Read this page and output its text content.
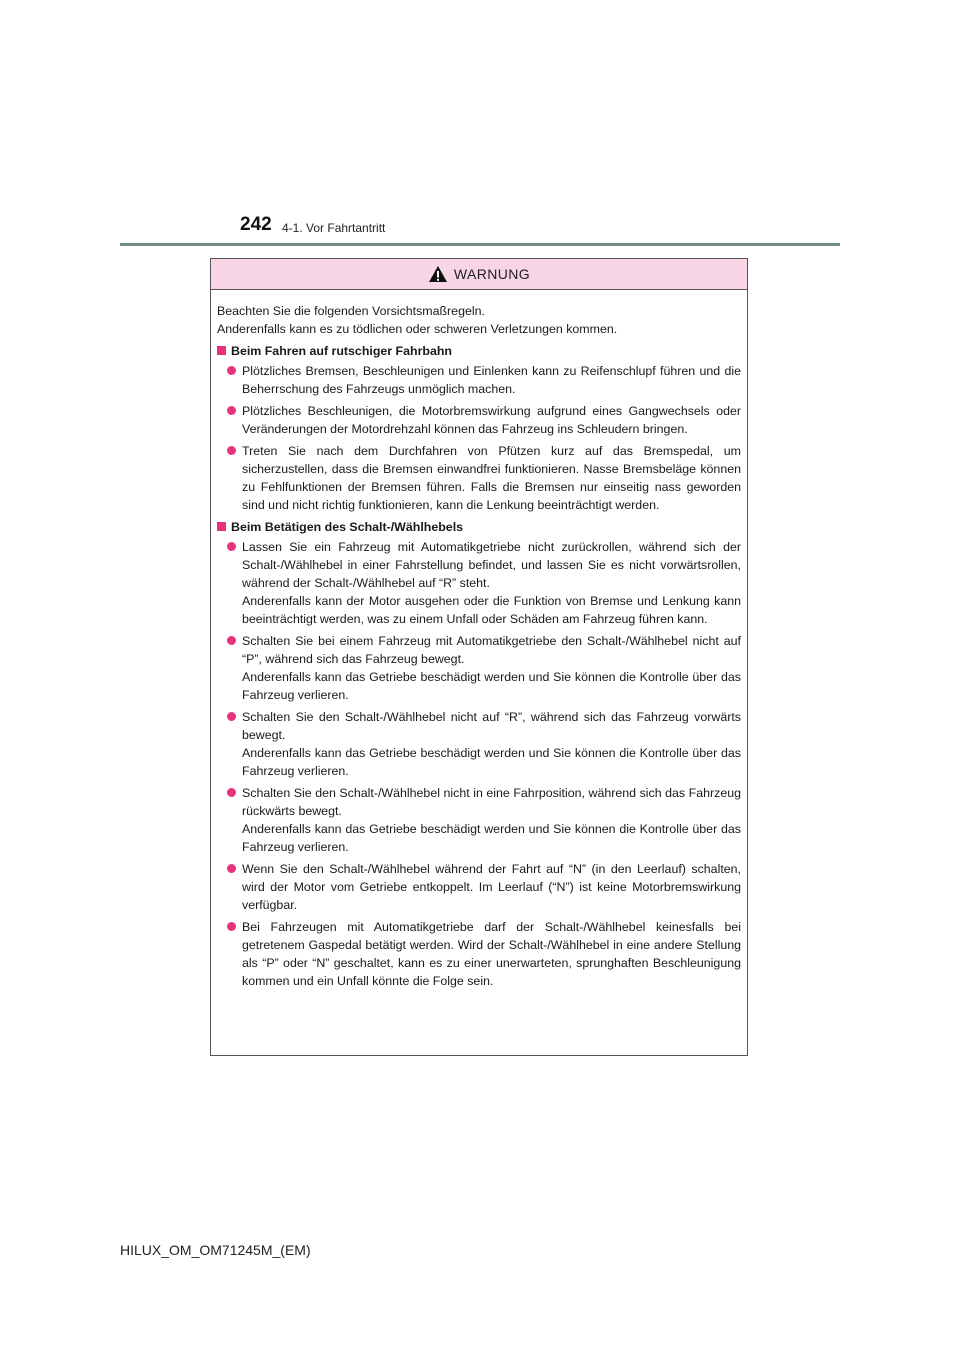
242 4-1. Vor Fahrtantritt
WARNUNG
Beachten Sie die folgenden Vorsichtsmaßregeln.
Anderenfalls kann es zu tödlichen oder schweren Verletzungen kommen.
Beim Fahren auf rutschiger Fahrbahn

Plötzliches Bremsen, Beschleunigen und Einlenken kann zu Reifenschlupf führen und die Beherrschung des Fahrzeugs unmöglich machen.

Plötzliches Beschleunigen, die Motorbremswirkung aufgrund eines Gangwechsels oder Veränderungen der Motordrehzahl können das Fahrzeug ins Schleudern bringen.

Treten Sie nach dem Durchfahren von Pfützen kurz auf das Bremspedal, um sicherzustellen, dass die Bremsen einwandfrei funktionieren. Nasse Bremsbeläge können zu Fehlfunktionen der Bremsen führen. Falls die Bremsen nur einseitig nass geworden sind und nicht richtig funktionieren, kann die Lenkung beeinträchtigt werden.

Beim Betätigen des Schalt-/Wählhebels

Lassen Sie ein Fahrzeug mit Automatikgetriebe nicht zurückrollen, während sich der Schalt-/Wählhebel in einer Fahrstellung befindet, und lassen Sie es nicht vorwärtsrollen, während der Schalt-/Wählhebel auf “R” steht.

Anderenfalls kann der Motor ausgehen oder die Funktion von Bremse und Lenkung kann beeinträchtigt werden, was zu einem Unfall oder Schäden am Fahrzeug führen kann.

Schalten Sie bei einem Fahrzeug mit Automatikgetriebe den Schalt-/Wählhebel nicht auf “P”, während sich das Fahrzeug bewegt.

Anderenfalls kann das Getriebe beschädigt werden und Sie können die Kontrolle über das Fahrzeug verlieren.

Schalten Sie den Schalt-/Wählhebel nicht auf “R”, während sich das Fahrzeug vorwärts bewegt.

Anderenfalls kann das Getriebe beschädigt werden und Sie können die Kontrolle über das Fahrzeug verlieren.

Schalten Sie den Schalt-/Wählhebel nicht in eine Fahrposition, während sich das Fahrzeug rückwärts bewegt.

Anderenfalls kann das Getriebe beschädigt werden und Sie können die Kontrolle über das Fahrzeug verlieren.

Wenn Sie den Schalt-/Wählhebel während der Fahrt auf “N” (in den Leerlauf) schalten, wird der Motor vom Getriebe entkoppelt. Im Leerlauf (“N”) ist keine Motorbremswirkung verfügbar.

Bei Fahrzeugen mit Automatikgetriebe darf der Schalt-/Wählhebel keinesfalls bei getretenem Gaspedal betätigt werden. Wird der Schalt-/Wählhebel in eine andere Stellung als “P” oder “N” geschaltet, kann es zu einer unerwarteten, sprunghaften Beschleunigung kommen und ein Unfall könnte die Folge sein.

HILUX_OM_OM71245M_(EM)
